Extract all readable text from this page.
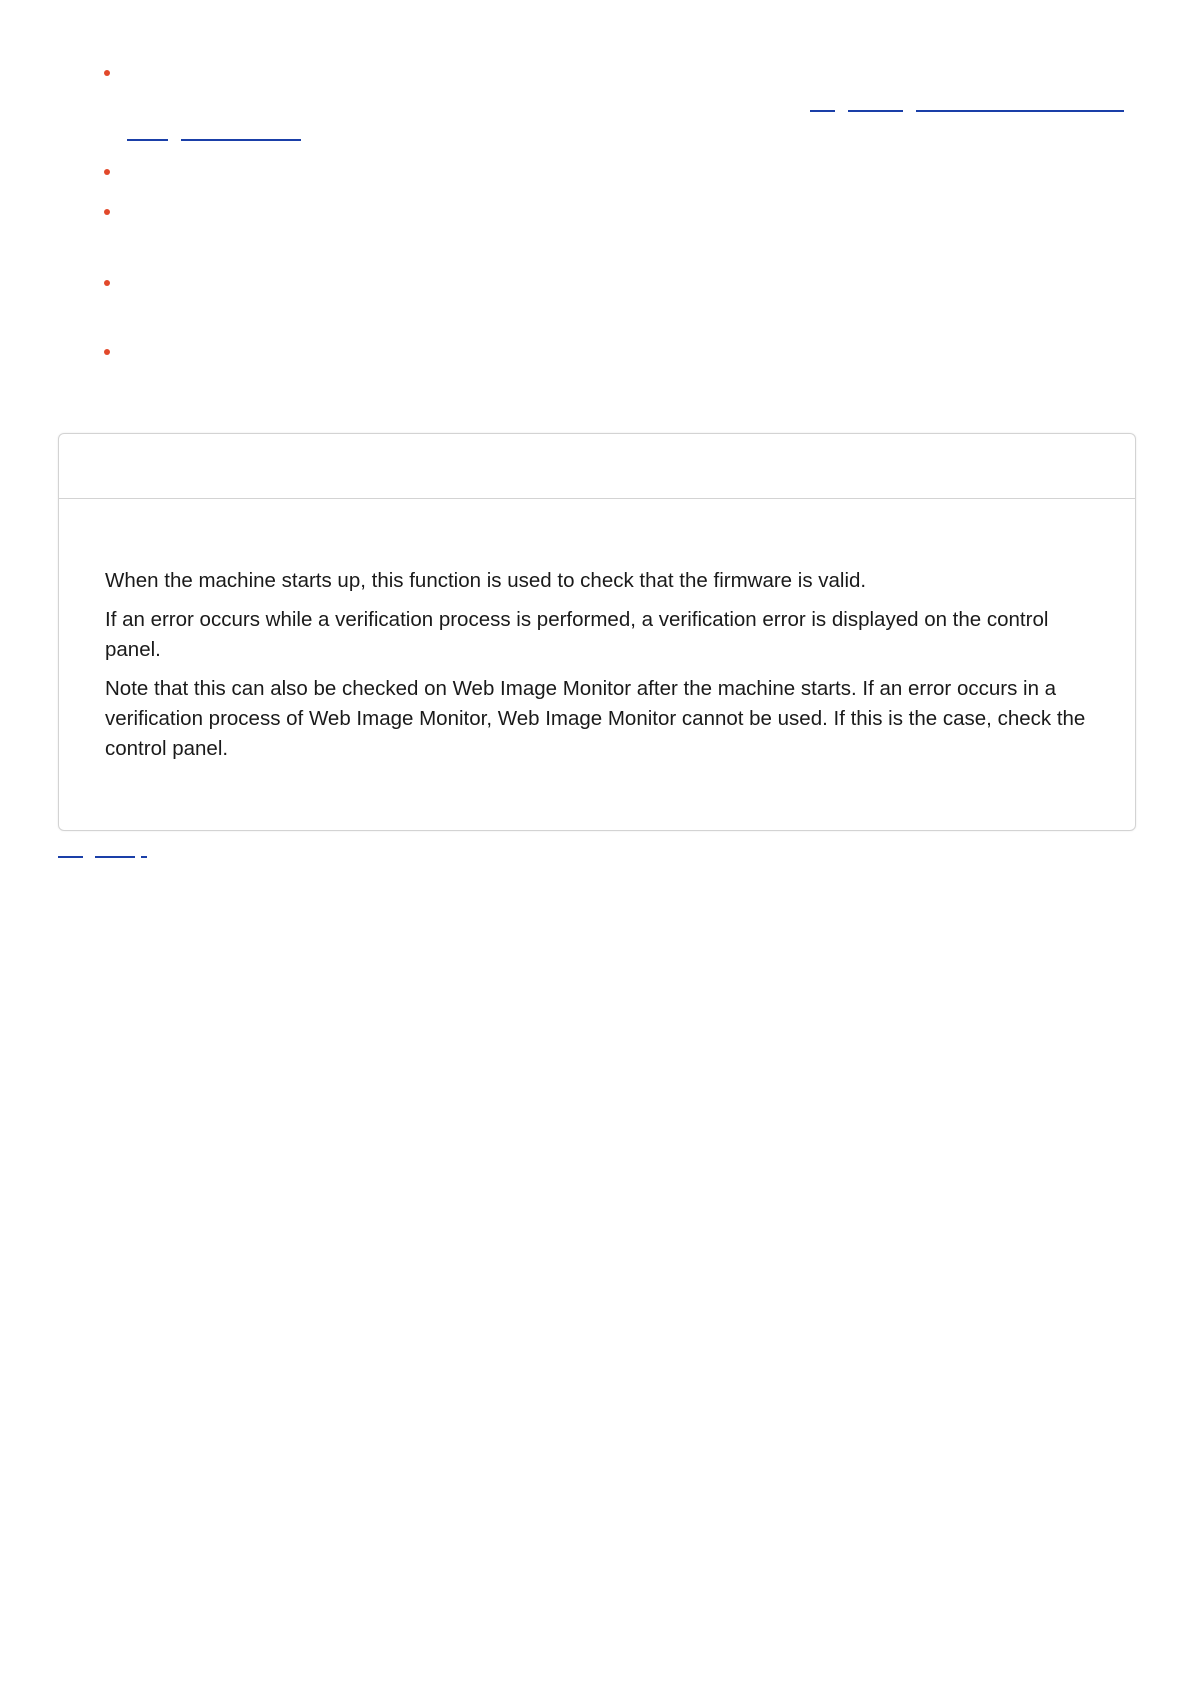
When the machine starts up, this function is used to check that the firmware is valid.

If an error occurs while a verification process is performed, a verification error is displayed on the control panel.

Note that this can also be checked on Web Image Monitor after the machine starts. If an error occurs in a verification process of Web Image Monitor, Web Image Monitor cannot be used. If this is the case, check the control panel.
